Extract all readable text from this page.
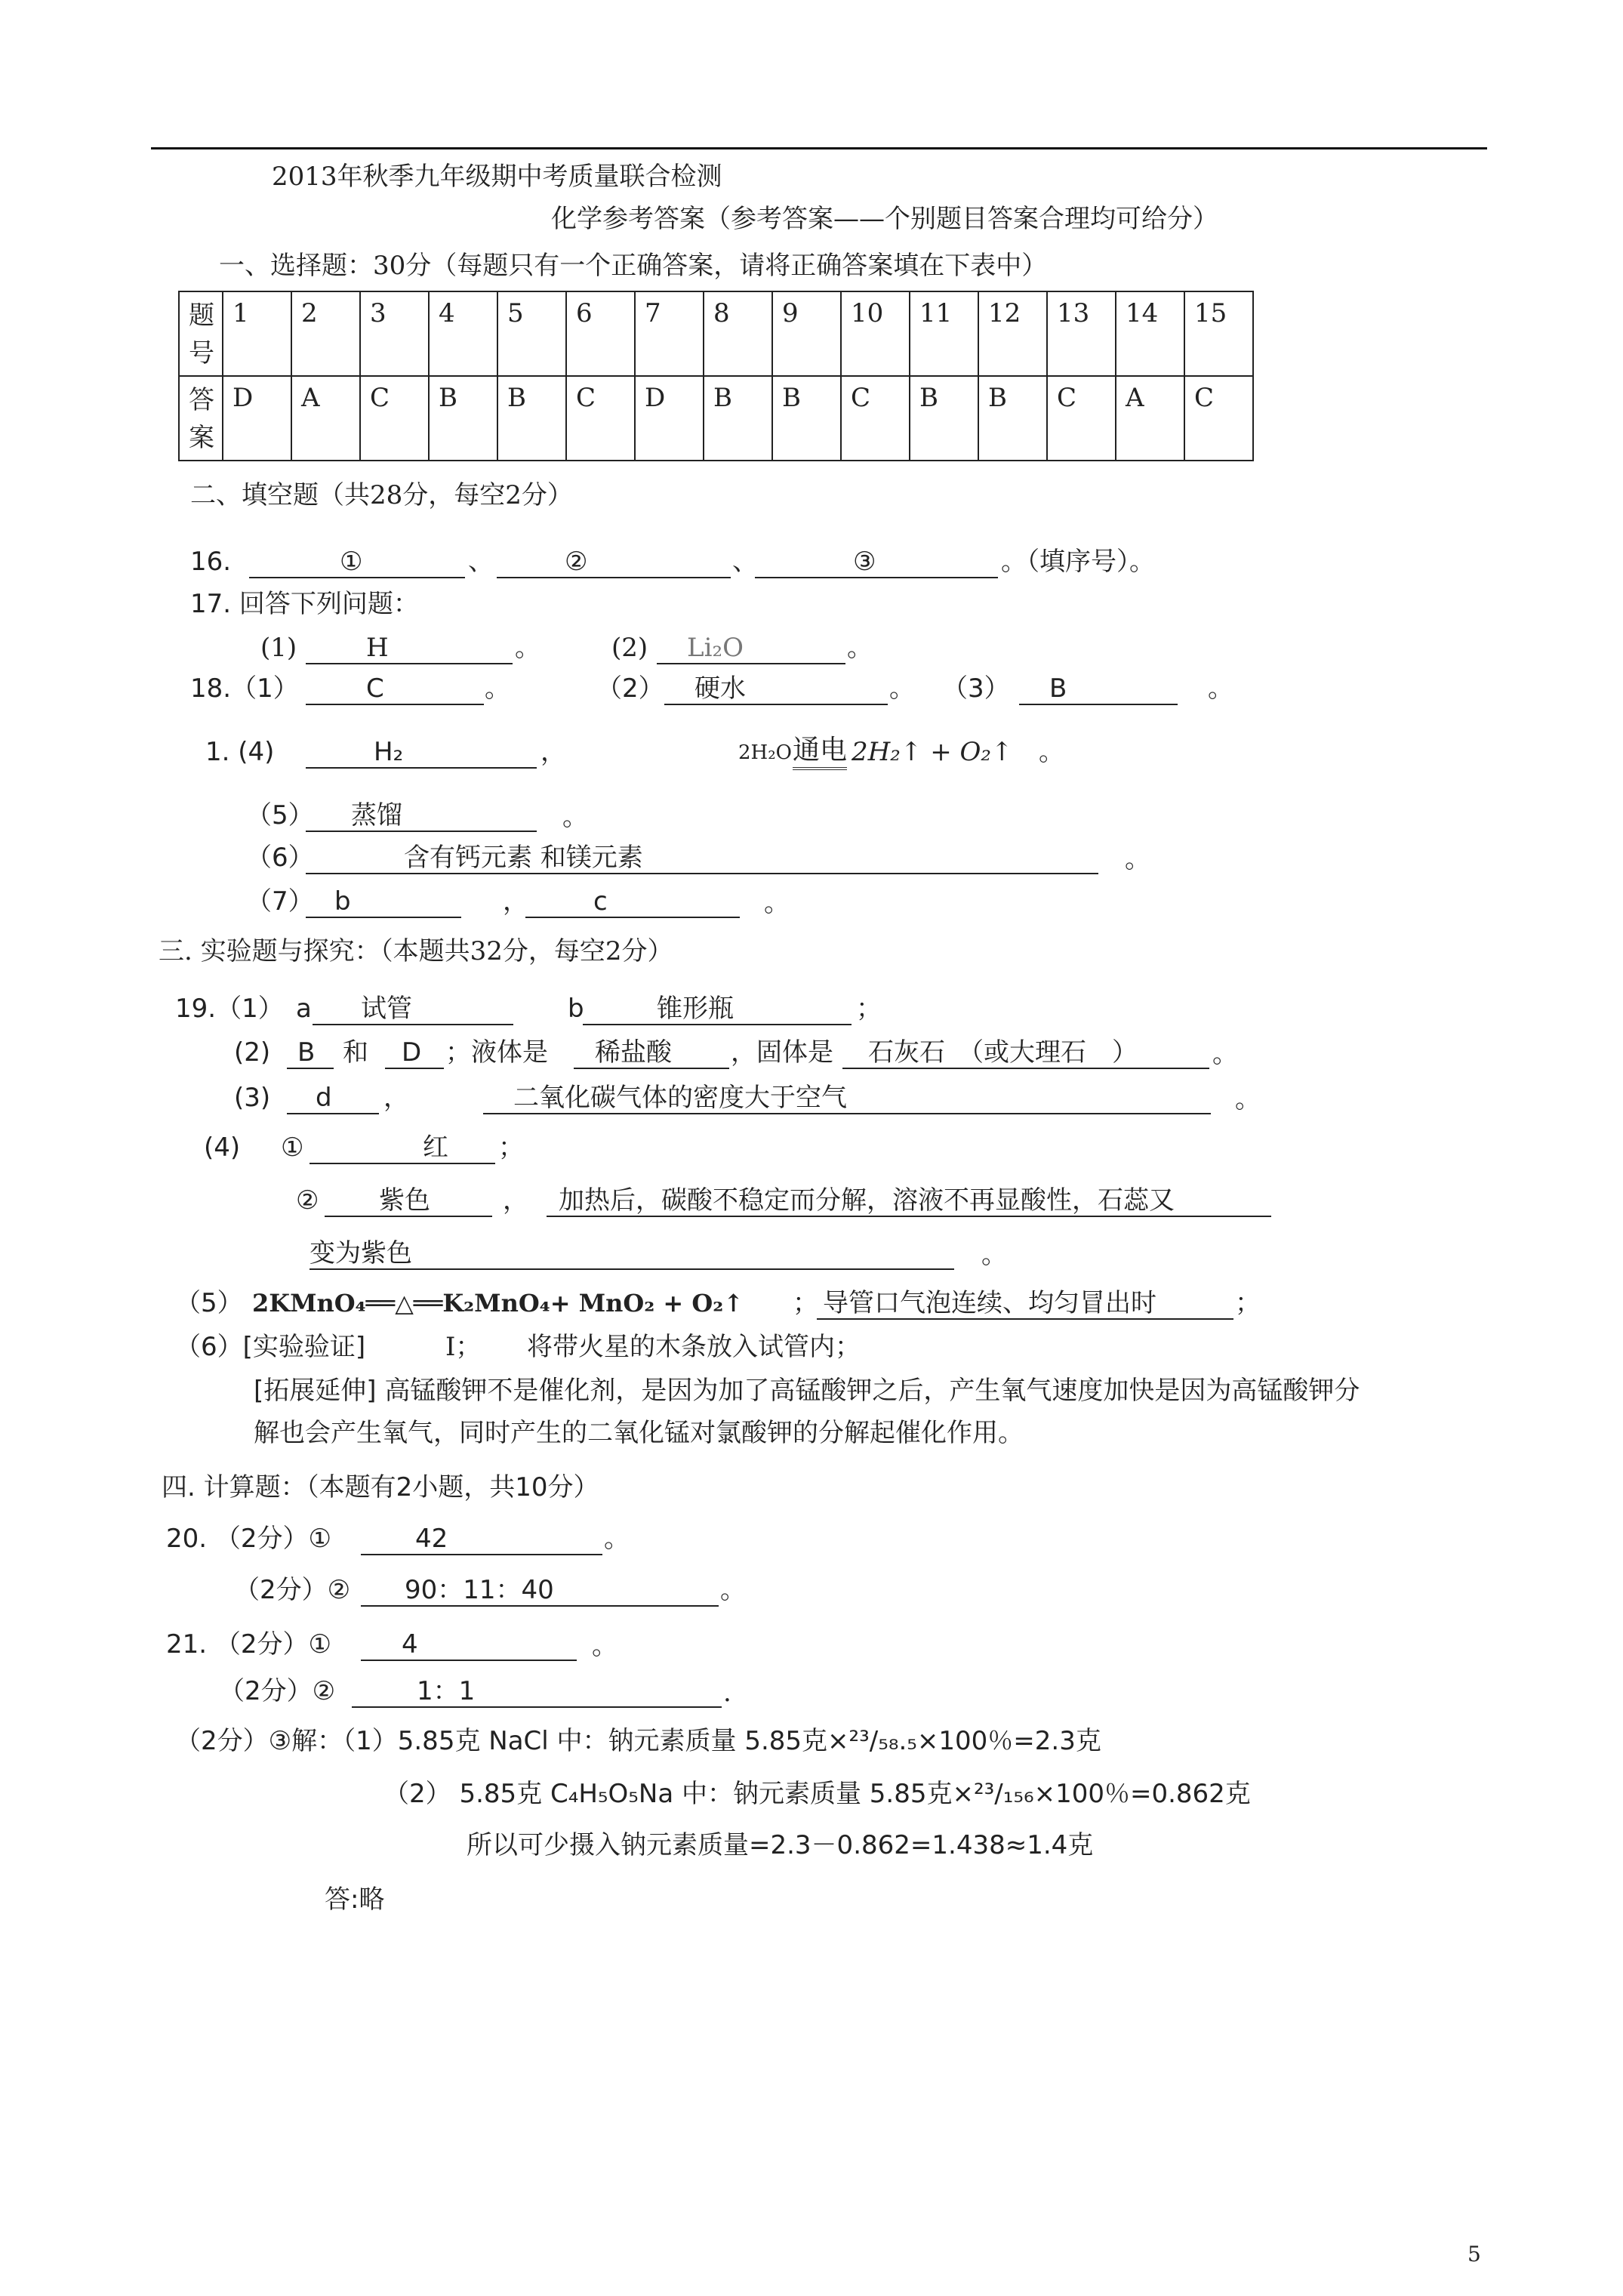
2013年秋季九年级期中考质量联合检测
化学参考答案（参考答案——个别题目答案合理均可给分）
一、选择题：30分（每题只有一个正确答案，请将正确答案填在下表中）
题号	1	2	3	4	5	6	7	8	9	10	11	12	13	14	15

答案	D	A	C	B	B	C	D	B	B	C	B	B	C	A	C
二、填空题（共28分，每空2分）
16.	①	、	②	、	③	。（填序号）。
17. 回答下列问题：
(1)	H	。	(2) Li₂O	。
18.（1）	C	。	（2） 硬水	。 （3） B	。
1. (4)	H₂	，	2H₂O 通电 2H₂↑ + O₂↑ 。
（5） 蒸馏	。
（6）	含有钙元素 和镁元素	。
（7） b	，	c	。
三. 实验题与探究：（本题共32分，每空2分）
19.（1） a 试管	b	锥形瓶	；
(2) B 和 D ；液体是 稀盐酸 ，固体是 石灰石　（或大理石　）	。
(3) d ，	二氧化碳气体的密度大于空气	。
(4) ①	红 ；
② 紫色	， 加热后，碳酸不稳定而分解，溶液不再显酸性，石蕊又
变为紫色	。
（5） 2KMnO₄══△══K₂MnO₄+ MnO₂ + O₂↑ ； 导管口气泡连续、均匀冒出时	；
（6）[实验验证]	Ⅰ； 将带火星的木条放入试管内；
[拓展延伸] 高锰酸钾不是催化剂，是因为加了高锰酸钾之后，产生氧气速度加快是因为高锰酸钾分
解也会产生氧气，同时产生的二氧化锰对氯酸钾的分解起催化作用。
四. 计算题：（本题有2小题，共10分）
20. （2分）①	42	。
（2分）② 90：11：40	。
21. （2分）①	4	。
（2分）②	1：1	.
（2分）③解：（1）5.85克 NaCl 中：钠元素质量 5.85克×²³/₅₈.₅×100％=2.3克
（2） 5.85克 C₄H₅O₅Na 中：钠元素质量 5.85克×²³/₁₅₆×100％=0.862克
所以可少摄入钠元素质量=2.3－0.862=1.438≈1.4克
答:略
5
